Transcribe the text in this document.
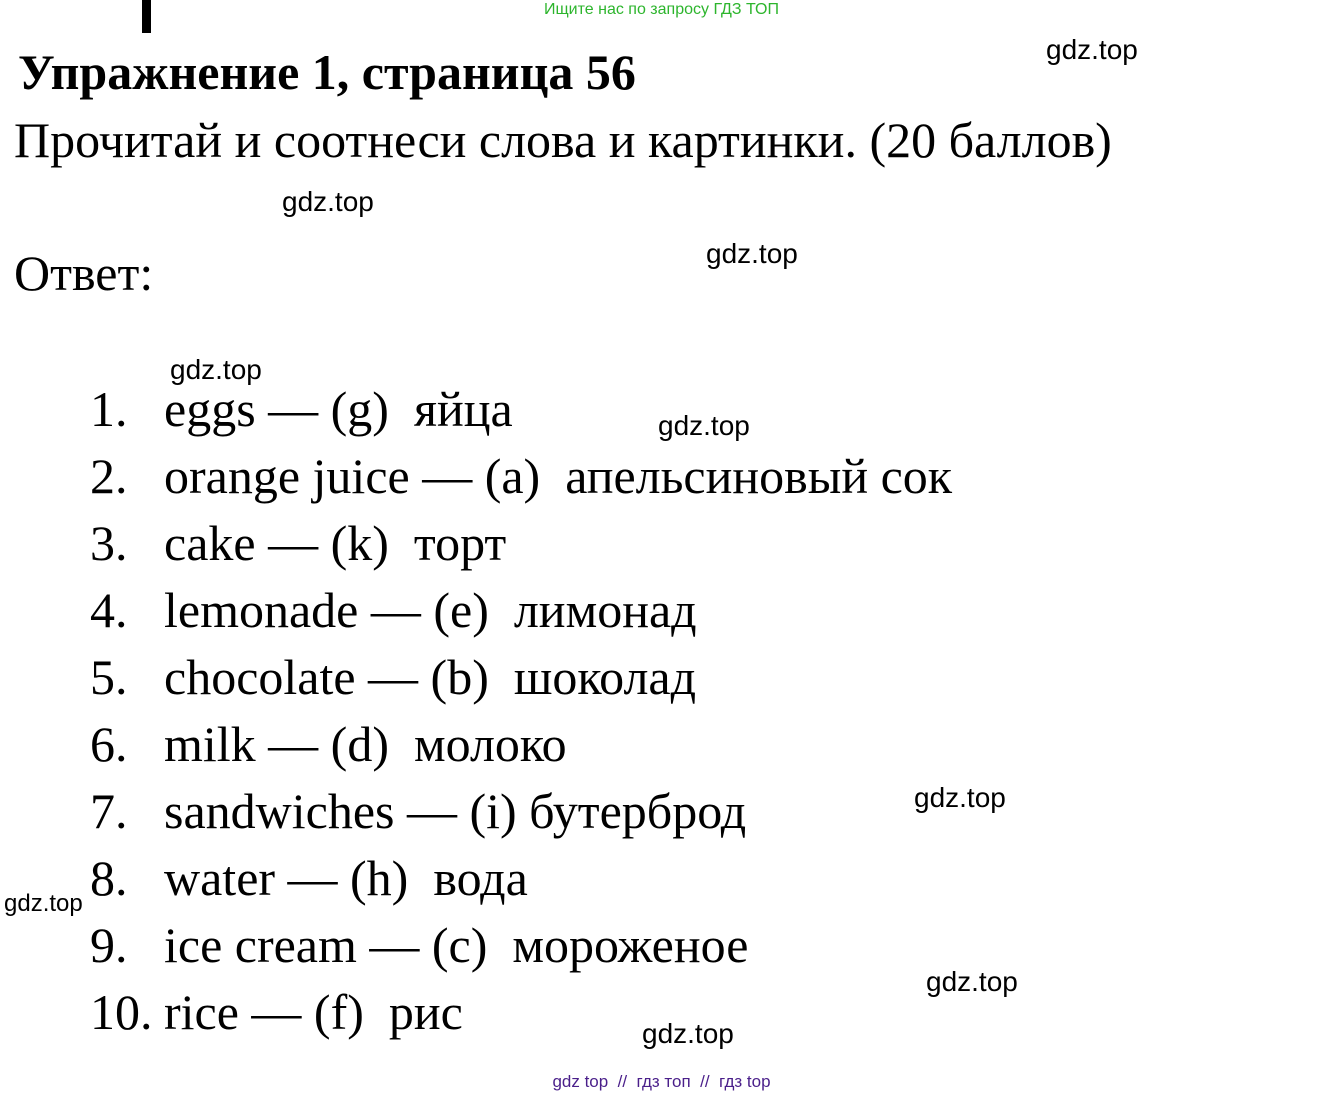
Ищите нас по запросу ГДЗ ТОП
Упражнение 1, страница 56
Прочитай и соотнеси слова и картинки. (20 баллов)
Ответ:
1. eggs — (g)  яйца
2. orange juice — (a)  апельсиновый сок
3. cake — (k)  торт
4. lemonade — (e)  лимонад
5. chocolate — (b)  шоколад
6. milk — (d)  молоко
7. sandwiches — (i) бутерброд
8. water — (h)  вода
9. ice cream — (c)  мороженое
10. rice — (f)  рис
gdz.top
gdz.top
gdz.top
gdz.top
gdz.top
gdz.top
gdz.top
gdz.top
gdz.top
gdz top  //  гдз топ  //  гдз top
